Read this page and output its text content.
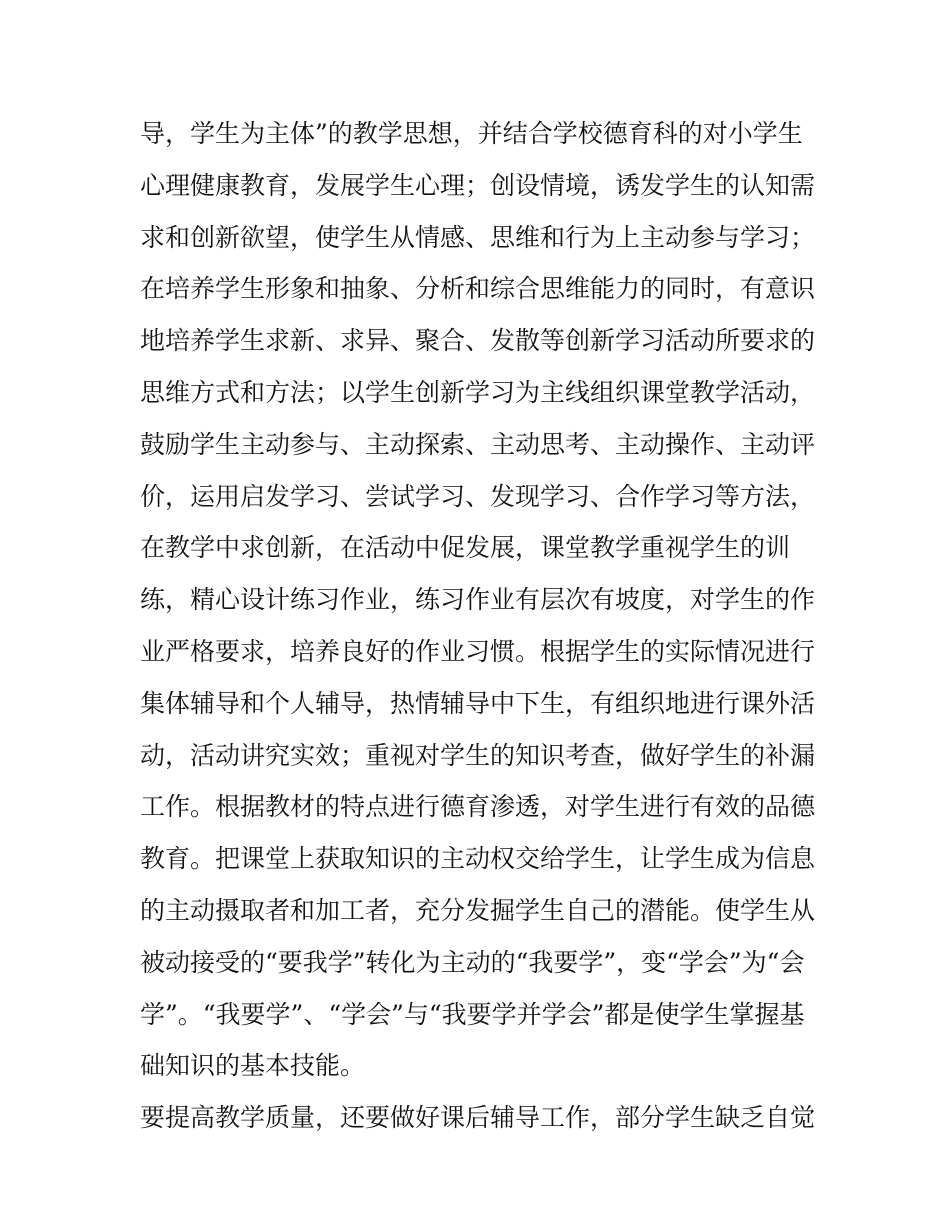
导，学生为主体”的教学思想，并结合学校德育科的对小学生
心理健康教育，发展学生心理；创设情境，诱发学生的认知需
求和创新欲望，使学生从情感、思维和行为上主动参与学习；
在培养学生形象和抽象、分析和综合思维能力的同时，有意识
地培养学生求新、求异、聚合、发散等创新学习活动所要求的
思维方式和方法；以学生创新学习为主线组织课堂教学活动，
鼓励学生主动参与、主动探索、主动思考、主动操作、主动评
价，运用启发学习、尝试学习、发现学习、合作学习等方法，
在教学中求创新，在活动中促发展，课堂教学重视学生的训
练，精心设计练习作业，练习作业有层次有坡度，对学生的作
业严格要求，培养良好的作业习惯。根据学生的实际情况进行
集体辅导和个人辅导，热情辅导中下生，有组织地进行课外活
动，活动讲究实效；重视对学生的知识考查，做好学生的补漏
工作。根据教材的特点进行德育渗透，对学生进行有效的品德
教育。把课堂上获取知识的主动权交给学生，让学生成为信息
的主动摄取者和加工者，充分发掘学生自己的潜能。使学生从
被动接受的“要我学”转化为主动的“我要学”，变“学会”为“会
学”。“我要学”、“学会”与“我要学并学会”都是使学生掌握基
础知识的基本技能。
要提高教学质量，还要做好课后辅导工作，部分学生缺乏自觉
